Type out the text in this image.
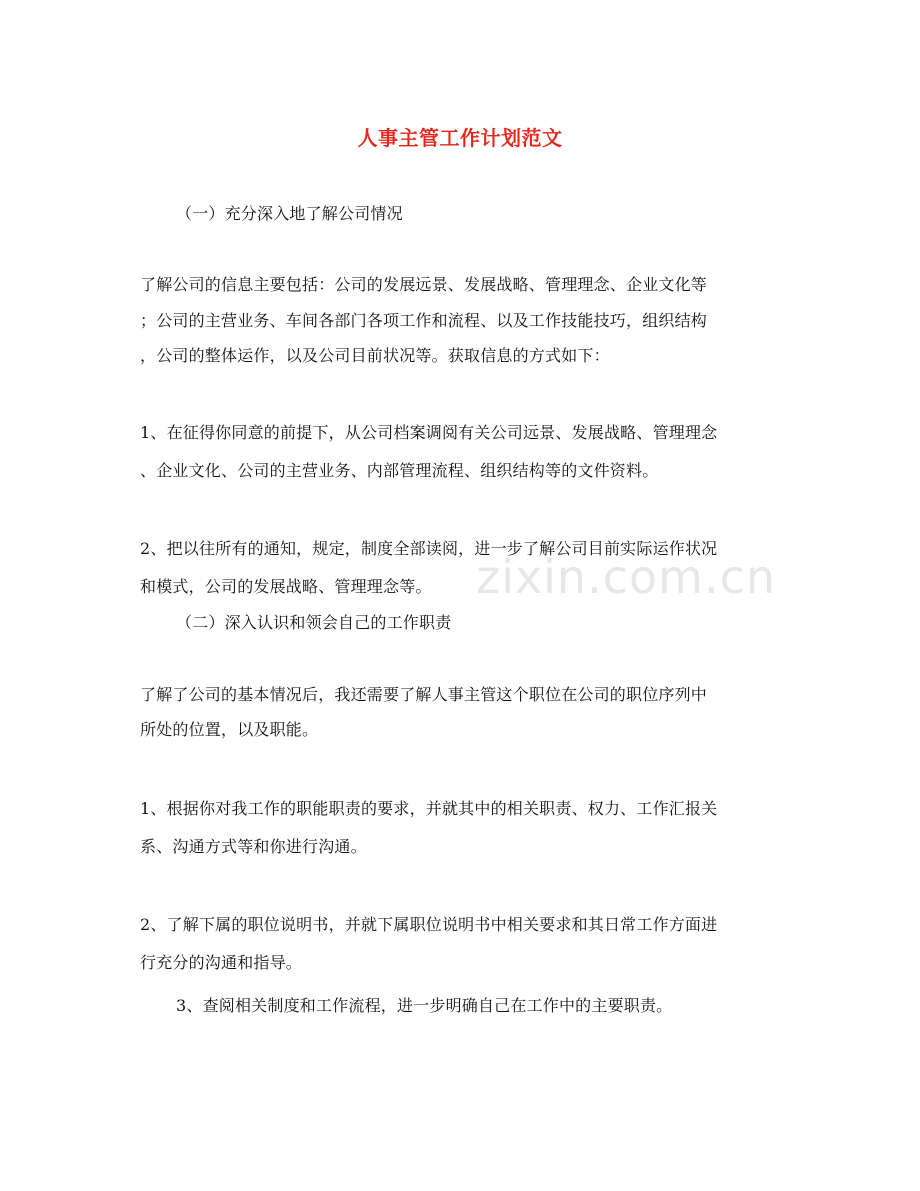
人事主管工作计划范文
zixin.com.cn

（一）充分深入地了解公司情况

了解公司的信息主要包括：公司的发展远景、发展战略、管理理念、企业文化等

；公司的主营业务、车间各部门各项工作和流程、以及工作技能技巧，组织结构

，公司的整体运作，以及公司目前状况等。获取信息的方式如下：

1、在征得你同意的前提下，从公司档案调阅有关公司远景、发展战略、管理理念

、企业文化、公司的主营业务、内部管理流程、组织结构等的文件资料。

2、把以往所有的通知，规定，制度全部读阅，进一步了解公司目前实际运作状况

和模式，公司的发展战略、管理理念等。

（二）深入认识和领会自己的工作职责

了解了公司的基本情况后，我还需要了解人事主管这个职位在公司的职位序列中

所处的位置，以及职能。

1、根据你对我工作的职能职责的要求，并就其中的相关职责、权力、工作汇报关

系、沟通方式等和你进行沟通。

2、了解下属的职位说明书，并就下属职位说明书中相关要求和其日常工作方面进

行充分的沟通和指导。

3、查阅相关制度和工作流程，进一步明确自己在工作中的主要职责。
